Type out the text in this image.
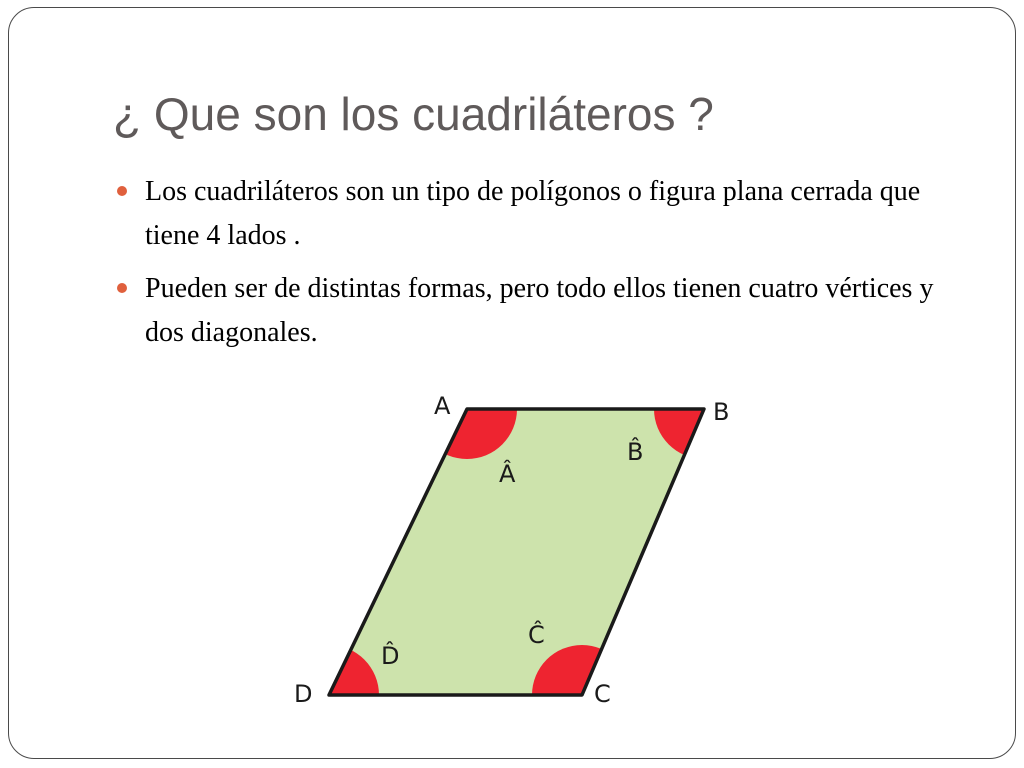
¿ Que son los cuadriláteros ?
Los cuadriláteros son un tipo de polígonos o figura plana cerrada que tiene 4 lados .
Pueden ser de distintas formas, pero todo ellos tienen cuatro vértices y dos diagonales.
A	B
C
D
Â
B̂
Ĉ
D̂
